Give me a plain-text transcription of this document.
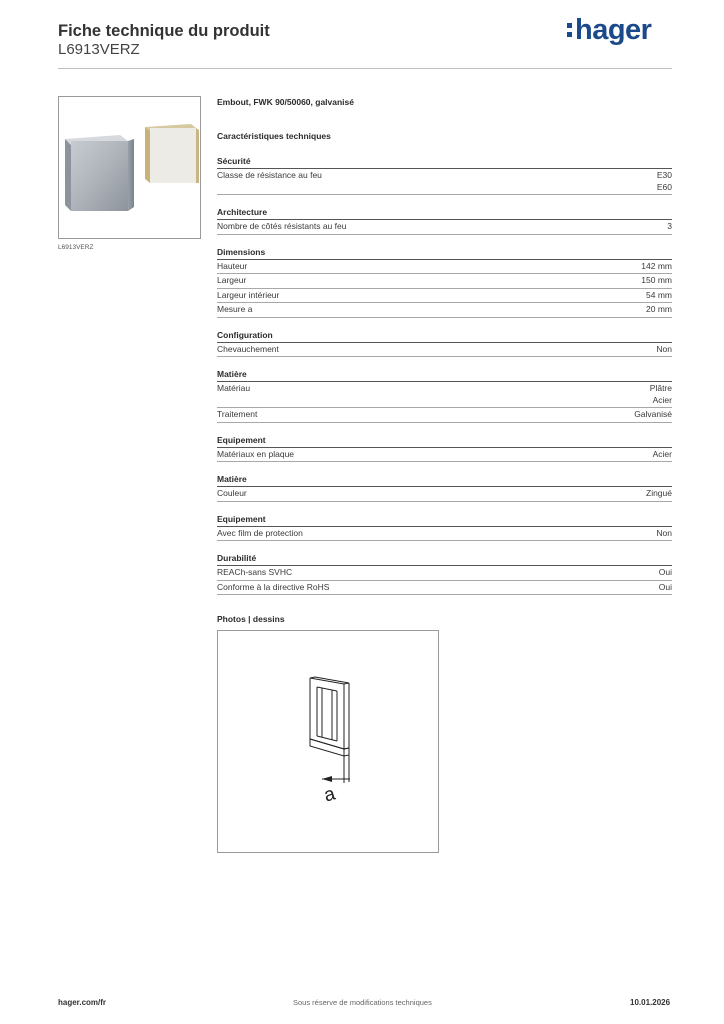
Fiche technique du produit
L6913VERZ
hager
L6913VERZ
Embout, FWK 90/50060, galvanisé
Caractéristiques techniques
Sécurité
Classe de résistance au feu	E30
E60
Architecture
Nombre de côtés résistants au feu	3
Dimensions
Hauteur	142 mm
Largeur	150 mm
Largeur intérieur	54 mm
Mesure a	20 mm
Configuration
Chevauchement	Non
Matière
Matériau	Plâtre
Acier
Traitement	Galvanisé
Equipement
Matériaux en plaque	Acier
Matière
Couleur	Zingué
Equipement
Avec film de protection	Non
Durabilité
REACh-sans SVHC	Oui
Conforme à la directive RoHS	Oui
Photos | dessins
a
hager.com/fr	Sous réserve de modifications techniques	10.01.2026
